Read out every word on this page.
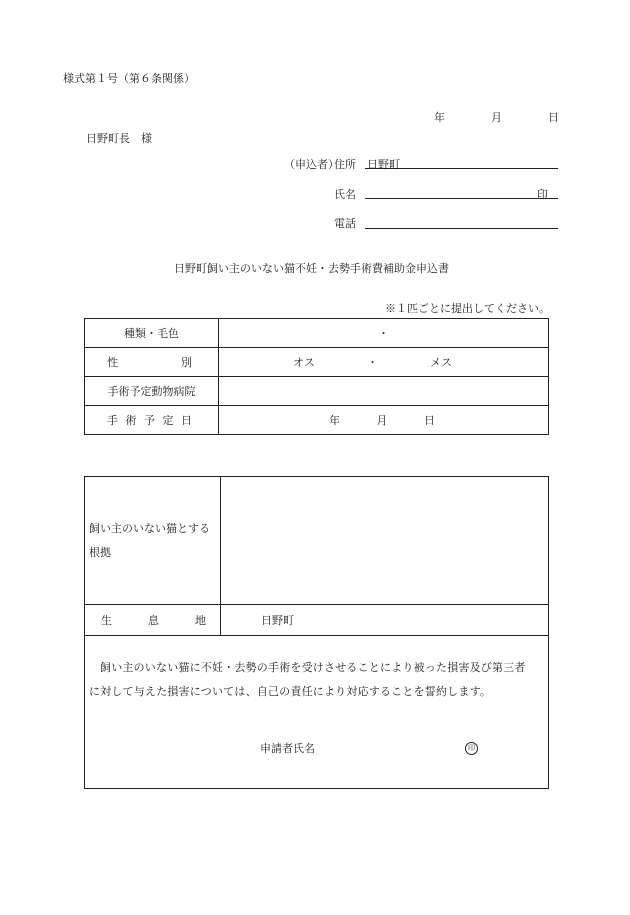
様式第１号（第６条関係）
年	月	日
日野町長　様
（申込者）
住所 日野町
氏名	印
電話
日野町飼い主のいない猫不妊・去勢手術費補助金申込書
※１匹ごとに提出してください。
種類・毛色	・

性 別	オス ・ メス

手術予定動物病院	

手 術 予 定 日	年 月 日
飼い主のいない猫とする根拠	

生 息 地	日野町

飼い主のいない猫に不妊・去勢の手術を受けさせることにより被った損害及び第三者に対して与えた損害については、自己の責任により対応することを誓約します。
申請者氏名 印	
